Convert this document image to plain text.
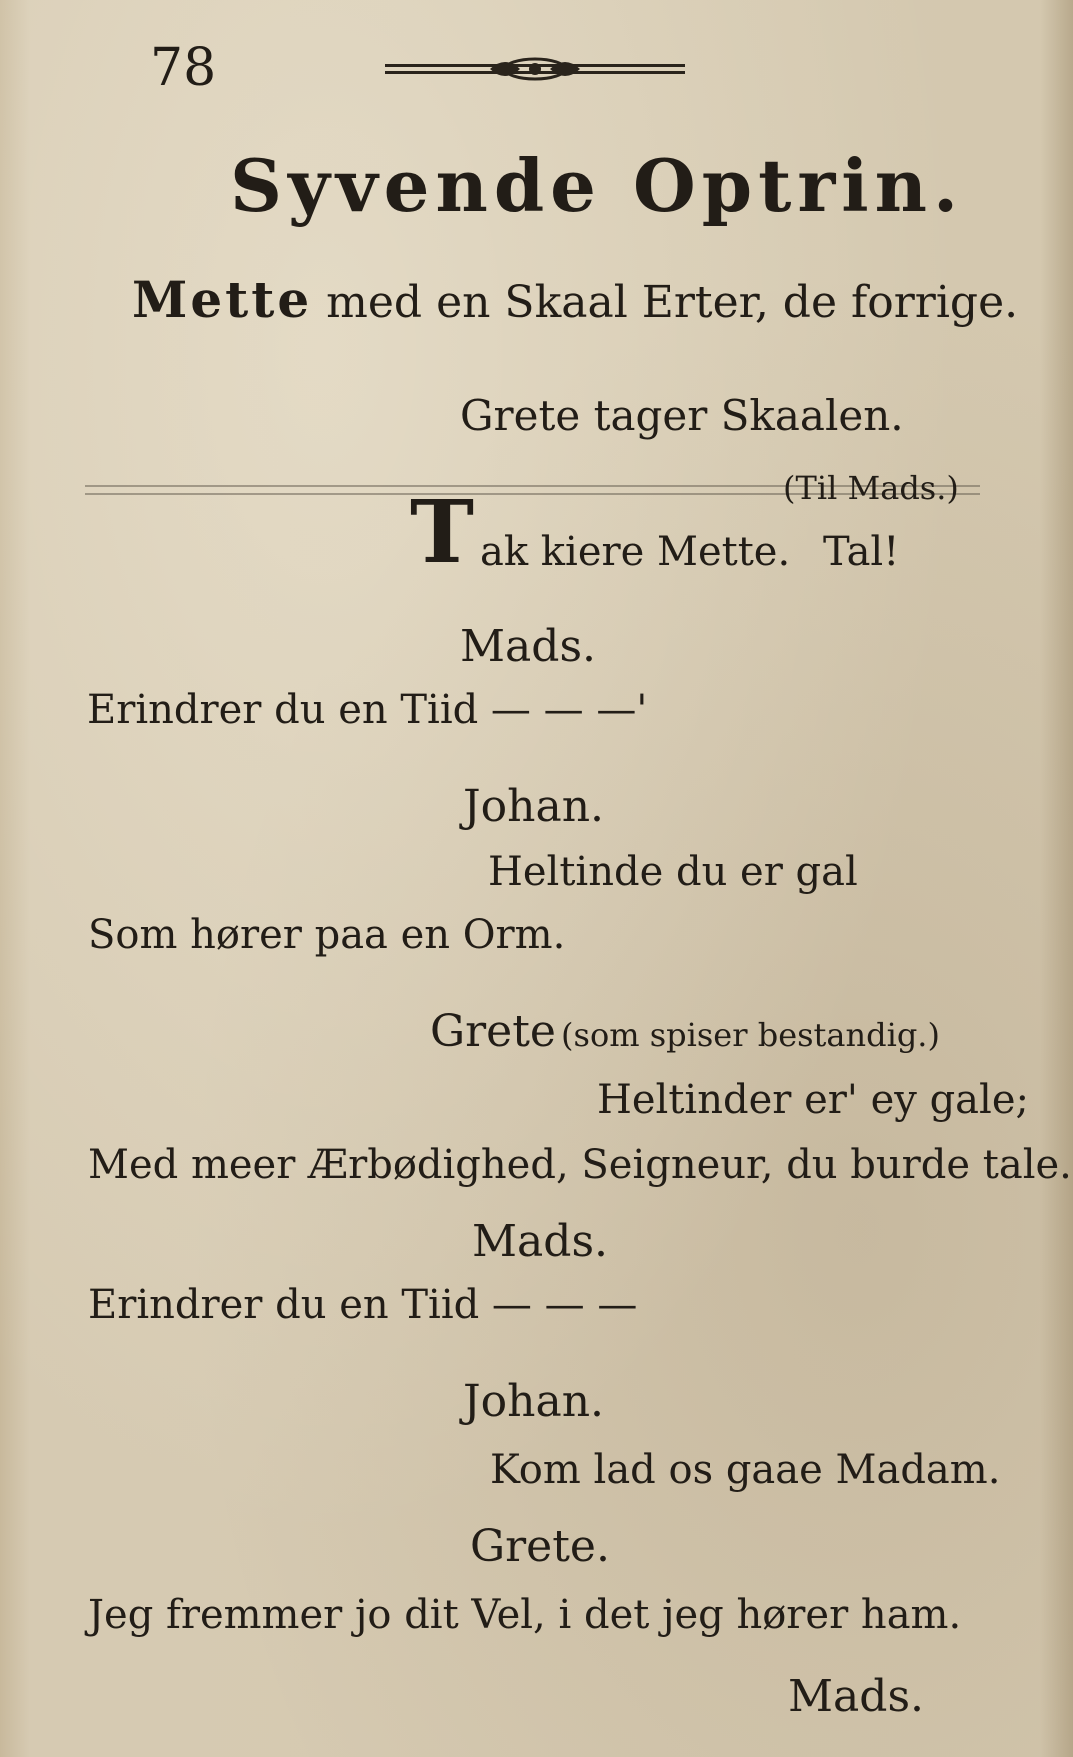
78
Syvende Optrin.
Mette med en Skaal Erter, de forrige.
Grete tager Skaalen.
(Til Mads.)
T ak kiere Mette. Tal!
Mads.
Erindrer du en Tiid — — —'
Johan.
Heltinde du er gal
Som hører paa en Orm.
Grete (som spiser bestandig.)
Heltinder er' ey gale;
Med meer Ærbødighed, Seigneur, du burde tale.
Mads.
Erindrer du en Tiid — — —
Johan.
Kom lad os gaae Madam.
Grete.
Jeg fremmer jo dit Vel, i det jeg hører ham.
Mads.
